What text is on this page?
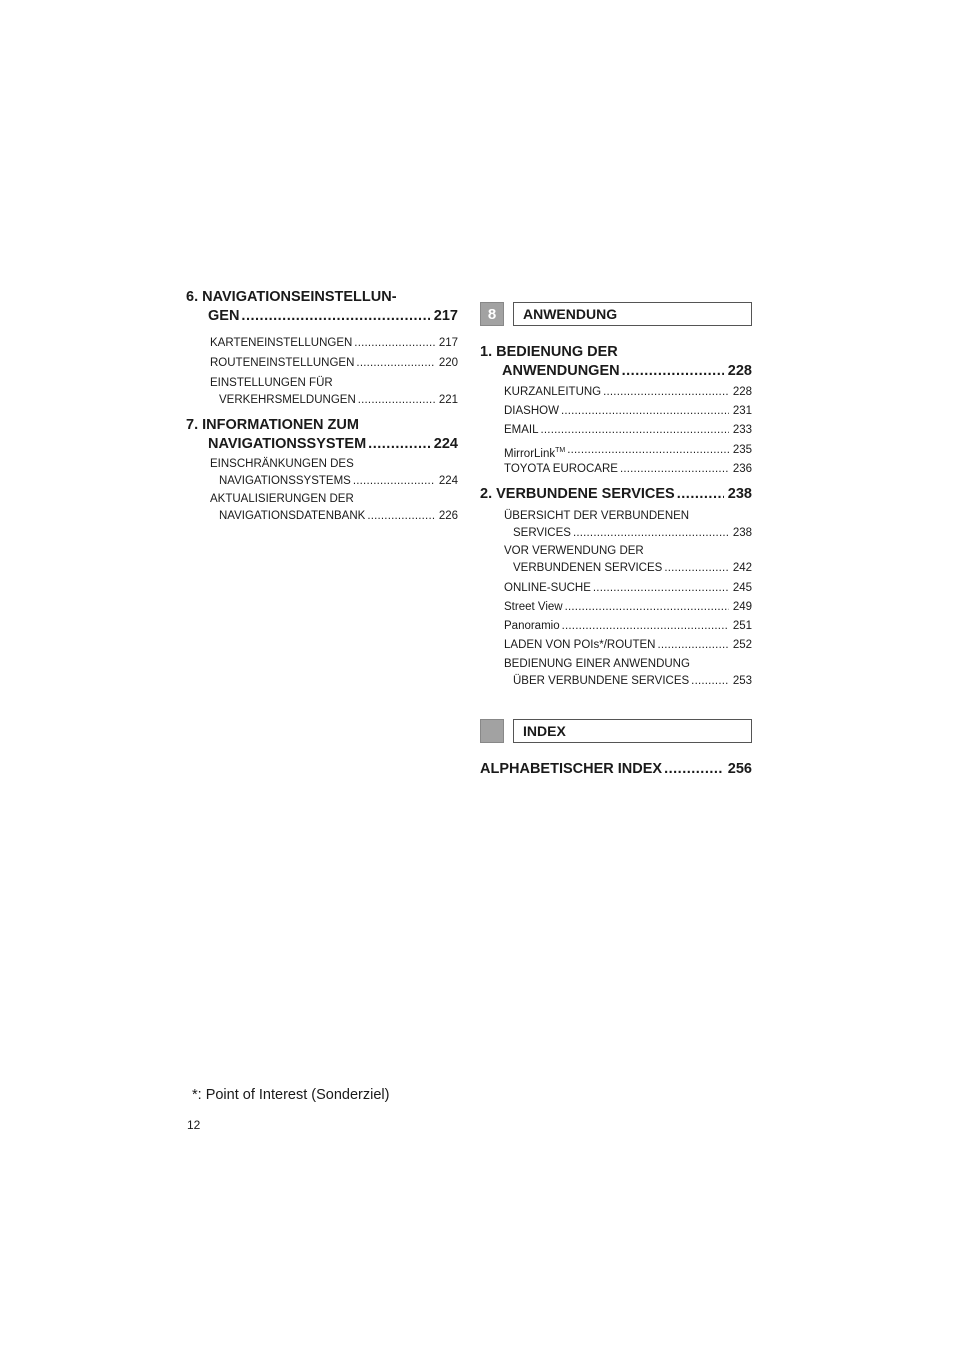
6. NAVIGATIONSEINSTELLUN-
GEN .....	217
KARTENEINSTELLUNGEN .....	217
ROUTENEINSTELLUNGEN .....	220
EINSTELLUNGEN FÜR
VERKEHRSMELDUNGEN .....	221
7. INFORMATIONEN ZUM
NAVIGATIONSSYSTEM .....	224
EINSCHRÄNKUNGEN DES
NAVIGATIONSSYSTEMS .....	224
AKTUALISIERUNGEN DER
NAVIGATIONSDATENBANK .....	226
8	ANWENDUNG
1. BEDIENUNG DER
ANWENDUNGEN .....	228
KURZANLEITUNG .....	228
DIASHOW .....	231
EMAIL .....	233
MirrorLink™ .....	235
TOYOTA EUROCARE .....	236
2. VERBUNDENE SERVICES .....	238
ÜBERSICHT DER VERBUNDENEN
SERVICES .....	238
VOR VERWENDUNG DER
VERBUNDENEN SERVICES .....	242
ONLINE-SUCHE .....	245
Street View .....	249
Panoramio .....	251
LADEN VON POIs*/ROUTEN .....	252
BEDIENUNG EINER ANWENDUNG
ÜBER VERBUNDENE SERVICES .....	253
INDEX
ALPHABETISCHER INDEX .....	256
*: Point of Interest (Sonderziel)
12
